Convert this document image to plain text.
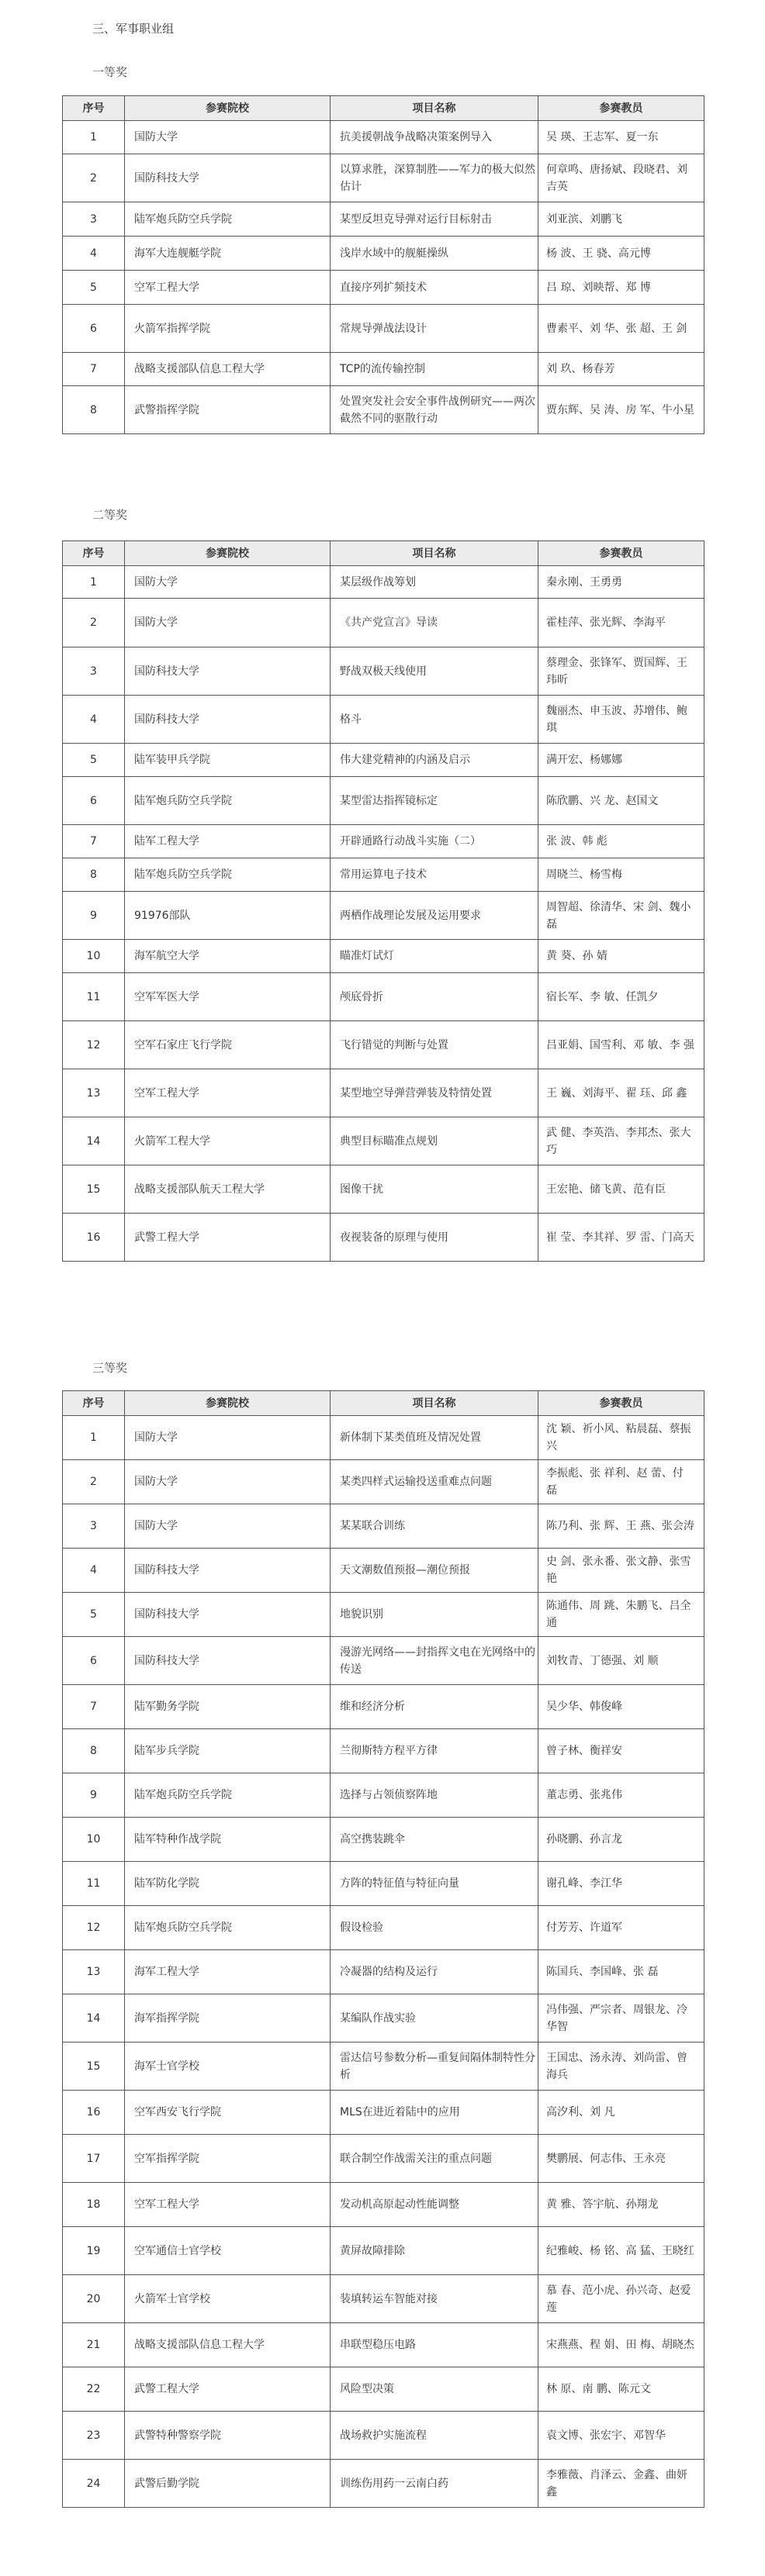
三、军事职业组
一等奖
序号	参赛院校	项目名称	参赛教员
1	国防大学	抗美援朝战争战略决策案例导入	吴 瑛、王志军、夏一东
2	国防科技大学	以算求胜，深算制胜——军力的极大似然估计	何章鸣、唐扬斌、段晓君、刘吉英
3	陆军炮兵防空兵学院	某型反坦克导弹对运行目标射击	刘亚滨、刘鹏飞
4	海军大连舰艇学院	浅岸水域中的舰艇操纵	杨 波、王 骁、高元博
5	空军工程大学	直接序列扩频技术	吕 琼、刘映帮、郑 博
6	火箭军指挥学院	常规导弹战法设计	曹素平、刘 华、张 超、王 剑
7	战略支援部队信息工程大学	TCP的流传输控制	刘 玖、杨春芳
8	武警指挥学院	处置突发社会安全事件战例研究——两次截然不同的驱散行动	贾东辉、吴 涛、房 军、牛小星
二等奖
序号	参赛院校	项目名称	参赛教员
1	国防大学	某层级作战筹划	秦永刚、王勇勇
2	国防大学	《共产党宣言》导读	霍桂萍、张光辉、李海平
3	国防科技大学	野战双极天线使用	蔡理金、张锋军、贾国辉、王玮昕
4	国防科技大学	格斗	魏丽杰、申玉波、苏增伟、鲍 琪
5	陆军装甲兵学院	伟大建党精神的内涵及启示	满开宏、杨娜娜
6	陆军炮兵防空兵学院	某型雷达指挥镜标定	陈欣鹏、兴 龙、赵国文
7	陆军工程大学	开辟通路行动战斗实施（二）	张 波、韩 彪
8	陆军炮兵防空兵学院	常用运算电子技术	周晓兰、杨雪梅
9	91976部队	两栖作战理论发展及运用要求	周智超、徐清华、宋 剑、魏小磊
10	海军航空大学	瞄准灯试灯	黄 葵、孙 婧
11	空军军医大学	颅底骨折	宿长军、李 敏、任凯夕
12	空军石家庄飞行学院	飞行错觉的判断与处置	吕亚娟、国雪利、邓 敏、李 强
13	空军工程大学	某型地空导弹营弹装及特情处置	王 巍、刘海平、翟 珏、邱 鑫
14	火箭军工程大学	典型目标瞄准点规划	武 健、李英浩、李邦杰、张大巧
15	战略支援部队航天工程大学	图像干扰	王宏艳、储飞黄、范有臣
16	武警工程大学	夜视装备的原理与使用	崔 莹、李其祥、罗 雷、门高天
三等奖
序号	参赛院校	项目名称	参赛教员
1	国防大学	新体制下某类值班及情况处置	沈 颖、祈小风、粘晨磊、蔡振兴
2	国防大学	某类四样式运输投送重难点问题	李振彪、张 祥利、赵 蕾、付 磊
3	国防大学	某某联合训练	陈乃利、张 辉、王 燕、张会涛
4	国防科技大学	天文潮数值预报—潮位预报	史 剑、张永番、张文静、张雪艳
5	国防科技大学	地貌识别	陈通伟、周 跳、朱鹏飞、吕全通
6	国防科技大学	漫游光网络——封指挥文电在光网络中的传送	刘牧青、丁德强、刘 顺
7	陆军勤务学院	维和经济分析	吴少华、韩俊峰
8	陆军步兵学院	兰彻斯特方程平方律	曾子林、衡祥安
9	陆军炮兵防空兵学院	选择与占领侦察阵地	董志勇、张兆伟
10	陆军特种作战学院	高空携装跳伞	孙晓鹏、孙言龙
11	陆军防化学院	方阵的特征值与特征向量	谢孔峰、李江华
12	陆军炮兵防空兵学院	假设检验	付芳芳、许道军
13	海军工程大学	冷凝器的结构及运行	陈国兵、李国峰、张 磊
14	海军指挥学院	某编队作战实验	冯伟强、严宗者、周银龙、冷华智
15	海军士官学校	雷达信号参数分析—重复间隔体制特性分析	王国忠、汤永涛、刘尚雷、曾海兵
16	空军西安飞行学院	MLS在进近着陆中的应用	高汐利、刘 凡
17	空军指挥学院	联合制空作战需关注的重点问题	樊鹏展、何志伟、王永亮
18	空军工程大学	发动机高原起动性能调整	黄 雅、答宇航、孙翔龙
19	空军通信士官学校	黄屏故障排除	纪雅峻、杨 铭、高 猛、王晓红
20	火箭军士官学校	装填转运车智能对接	慕 春、范小虎、孙兴奇、赵爱莲
21	战略支援部队信息工程大学	串联型稳压电路	宋燕燕、程 娟、田 梅、胡晓杰
22	武警工程大学	风险型决策	林 原、南 鹏、陈元文
23	武警特种警察学院	战场救护实施流程	袁文博、张宏宇、邓智华
24	武警后勤学院	训练伤用药一云南白药	李雅薇、肖泽云、金鑫、曲妍鑫
